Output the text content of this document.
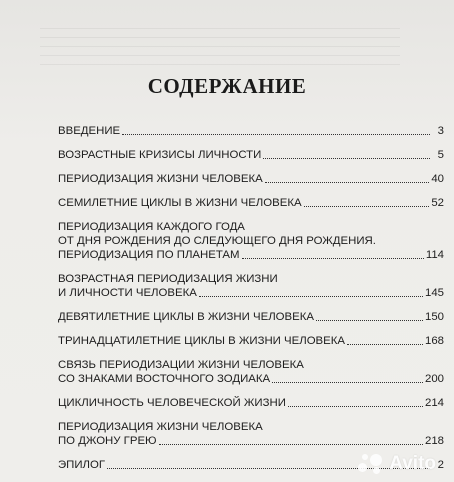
СОДЕРЖАНИЕ
ВВЕДЕНИЕ	3
ВОЗРАСТНЫЕ КРИЗИСЫ ЛИЧНОСТИ	5
ПЕРИОДИЗАЦИЯ ЖИЗНИ ЧЕЛОВЕКА	40
СЕМИЛЕТНИЕ ЦИКЛЫ В ЖИЗНИ ЧЕЛОВЕКА	52
ПЕРИОДИЗАЦИЯ КАЖДОГО ГОДА
ОТ ДНЯ РОЖДЕНИЯ ДО СЛЕДУЮЩЕГО ДНЯ РОЖДЕНИЯ.
ПЕРИОДИЗАЦИЯ ПО ПЛАНЕТАМ	114
ВОЗРАСТНАЯ ПЕРИОДИЗАЦИЯ ЖИЗНИ
И ЛИЧНОСТИ ЧЕЛОВЕКА	145
ДЕВЯТИЛЕТНИЕ ЦИКЛЫ В ЖИЗНИ ЧЕЛОВЕКА	150
ТРИНАДЦАТИЛЕТНИЕ ЦИКЛЫ В ЖИЗНИ ЧЕЛОВЕКА	168
СВЯЗЬ ПЕРИОДИЗАЦИИ ЖИЗНИ ЧЕЛОВЕКА
СО ЗНАКАМИ ВОСТОЧНОГО ЗОДИАКА	200
ЦИКЛИЧНОСТЬ ЧЕЛОВЕЧЕСКОЙ ЖИЗНИ	214
ПЕРИОДИЗАЦИЯ ЖИЗНИ ЧЕЛОВЕКА
ПО ДЖОНУ ГРЕЮ	218
ЭПИЛОГ	2
Avito
